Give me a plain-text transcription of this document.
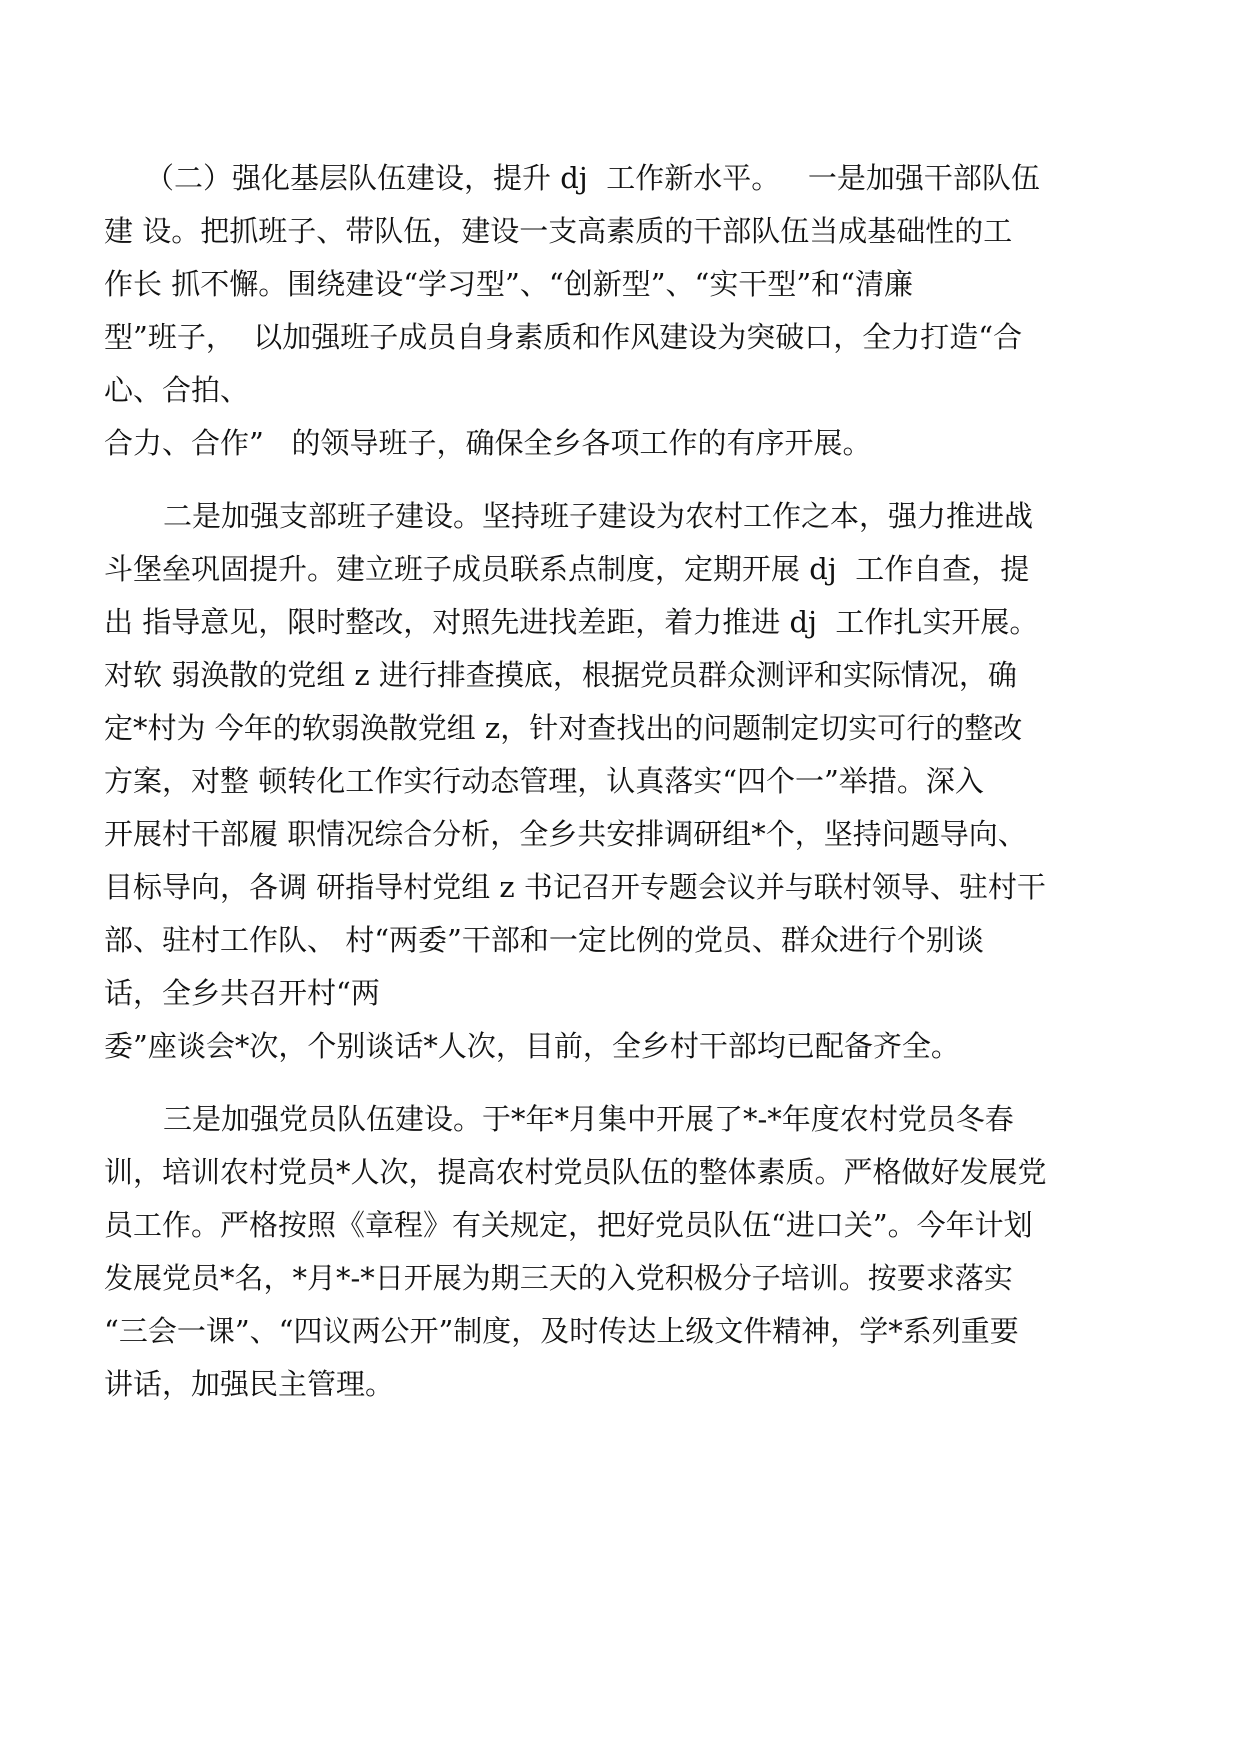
（二）强化基层队伍建设，提升 dj  工作新水平。   一是加强干部队伍

建 设。把抓班子、带队伍，建设一支高素质的干部队伍当成基础性的工

作长 抓不懈。围绕建设“学习型”、“创新型”、“实干型”和“清廉

型”班子，  以加强班子成员自身素质和作风建设为突破口，全力打造“合

心、合拍、

合力、合作”   的领导班子，确保全乡各项工作的有序开展。

二是加强支部班子建设。坚持班子建设为农村工作之本，强力推进战

斗堡垒巩固提升。建立班子成员联系点制度，定期开展 dj  工作自查，提

出 指导意见，限时整改，对照先进找差距，着力推进 dj  工作扎实开展。

对软 弱涣散的党组 z 进行排查摸底，根据党员群众测评和实际情况，确

定*村为 今年的软弱涣散党组 z，针对查找出的问题制定切实可行的整改

方案，对整 顿转化工作实行动态管理，认真落实“四个一”举措。深入

开展村干部履 职情况综合分析，全乡共安排调研组*个，坚持问题导向、

目标导向，各调 研指导村党组 z 书记召开专题会议并与联村领导、驻村干

部、驻村工作队、 村“两委”干部和一定比例的党员、群众进行个别谈

话，全乡共召开村“两

委”座谈会*次，个别谈话*人次，目前，全乡村干部均已配备齐全。

三是加强党员队伍建设。于*年*月集中开展了*-*年度农村党员冬春

训，培训农村党员*人次，提高农村党员队伍的整体素质。严格做好发展党

员工作。严格按照《章程》有关规定，把好党员队伍“进口关”。今年计划

发展党员*名，*月*-*日开展为期三天的入党积极分子培训。按要求落实

“三会一课”、“四议两公开”制度，及时传达上级文件精神，学*系列重要

讲话，加强民主管理。
